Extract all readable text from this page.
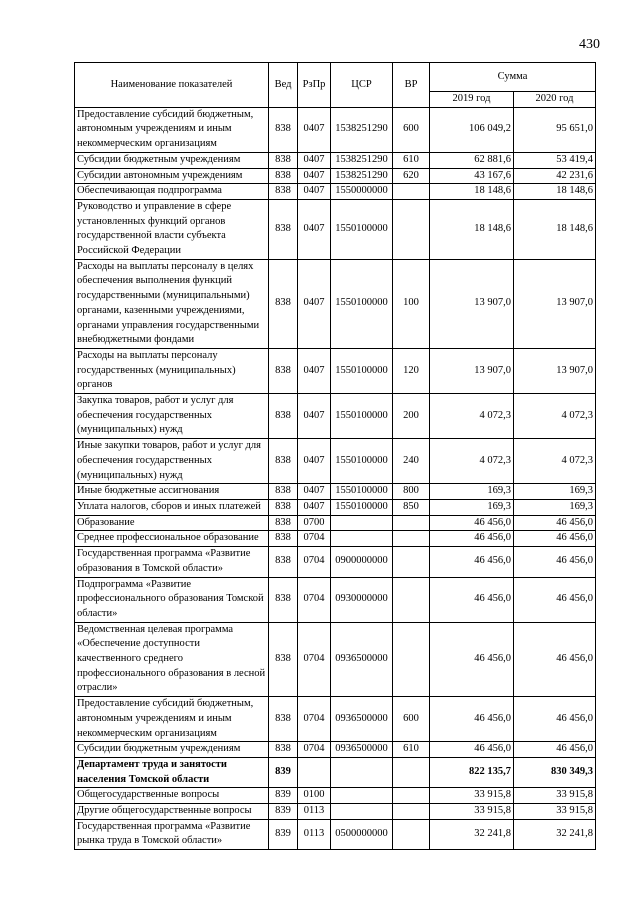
430
Наименование показателей	Вед	РзПр	ЦСР	ВР	Сумма	
					2019 год	2020 год
Предоставление субсидий бюджетным, автономным учреждениям и иным некоммерческим организациям	838	0407	1538251290	600	106 049,2	95 651,0
Субсидии бюджетным учреждениям	838	0407	1538251290	610	62 881,6	53 419,4
Субсидии автономным учреждениям	838	0407	1538251290	620	43 167,6	42 231,6
Обеспечивающая подпрограмма	838	0407	1550000000		18 148,6	18 148,6
Руководство и управление в сфере установленных функций органов государственной власти субъекта Российской Федерации	838	0407	1550100000		18 148,6	18 148,6
Расходы на выплаты персоналу в целях обеспечения выполнения функций государственными (муниципальными) органами, казенными учреждениями, органами управления государственными внебюджетными фондами	838	0407	1550100000	100	13 907,0	13 907,0
Расходы на выплаты персоналу государственных (муниципальных) органов	838	0407	1550100000	120	13 907,0	13 907,0
Закупка товаров, работ и услуг для обеспечения государственных (муниципальных) нужд	838	0407	1550100000	200	4 072,3	4 072,3
Иные закупки товаров, работ и услуг для обеспечения государственных (муниципальных) нужд	838	0407	1550100000	240	4 072,3	4 072,3
Иные бюджетные ассигнования	838	0407	1550100000	800	169,3	169,3
Уплата налогов, сборов и иных платежей	838	0407	1550100000	850	169,3	169,3
Образование	838	0700			46 456,0	46 456,0
Среднее профессиональное образование	838	0704			46 456,0	46 456,0
Государственная программа «Развитие образования в Томской области»	838	0704	0900000000		46 456,0	46 456,0
Подпрограмма «Развитие профессионального образования Томской области»	838	0704	0930000000		46 456,0	46 456,0
Ведомственная целевая программа «Обеспечение доступности качественного среднего профессионального образования в лесной отрасли»	838	0704	0936500000		46 456,0	46 456,0
Предоставление субсидий бюджетным, автономным учреждениям и иным некоммерческим организациям	838	0704	0936500000	600	46 456,0	46 456,0
Субсидии бюджетным учреждениям	838	0704	0936500000	610	46 456,0	46 456,0
Департамент труда и занятости населения Томской области	839				822 135,7	830 349,3
Общегосударственные вопросы	839	0100			33 915,8	33 915,8
Другие общегосударственные вопросы	839	0113			33 915,8	33 915,8
Государственная программа «Развитие рынка труда в Томской области»	839	0113	0500000000		32 241,8	32 241,8
